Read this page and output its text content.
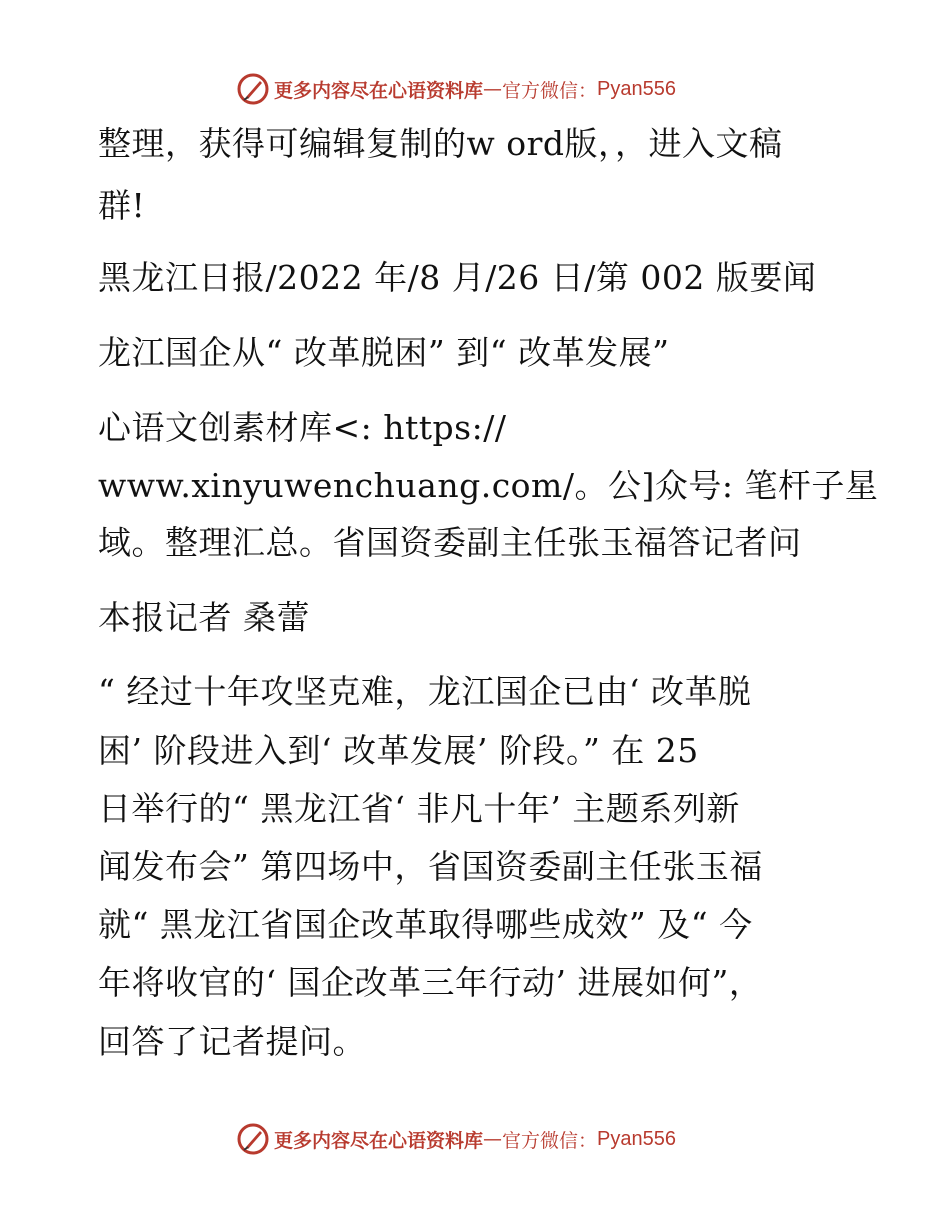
更多内容尽在心语资料库 — 官方微信： Pyan556
整理，获得可编辑复制的w ord版，，进入文稿
群!
黑龙江日报/2022 年/8 月/26 日/第 002 版要闻
龙江国企从“ 改革脱困” 到“ 改革发展”
心语文创素材库<: https://
www.xinyuwenchuang.com/。公]众号: 笔杆子星
域。整理汇总。省国资委副主任张玉福答记者问
本报记者 桑蕾
“ 经过十年攻坚克难，龙江国企已由‘ 改革脱
困’ 阶段进入到‘ 改革发展’ 阶段。” 在 25
日举行的“ 黑龙江省‘ 非凡十年’ 主题系列新
闻发布会” 第四场中，省国资委副主任张玉福
就“ 黑龙江省国企改革取得哪些成效” 及“ 今
年将收官的‘ 国企改革三年行动’ 进展如何”，
回答了记者提问。
更多内容尽在心语资料库 — 官方微信： Pyan556
